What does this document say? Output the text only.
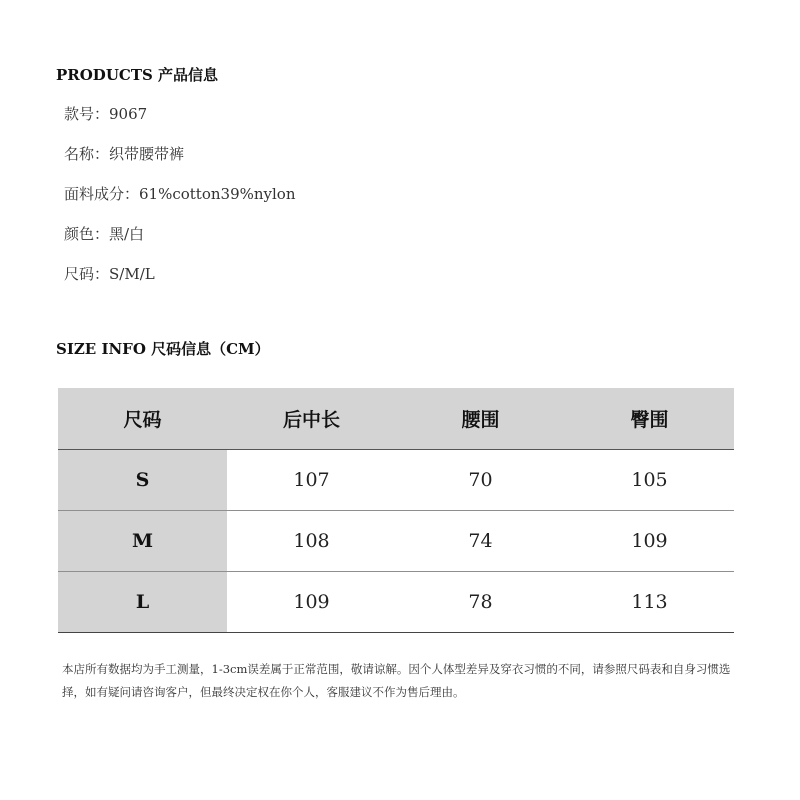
PRODUCTS 产品信息
款号：9067
名称：织带腰带裤
面料成分：61%cotton39%nylon
颜色：黑/白
尺码：S/M/L
SIZE INFO 尺码信息（CM）
尺码	后中长	腰围	臀围
S	107	70	105
M	108	74	109
L	109	78	113
本店所有数据均为手工测量，1-3cm误差属于正常范围，敬请谅解。因个人体型差异及穿衣习惯的不同，请参照尺码表和自身习惯选择，如有疑问请咨询客户，但最终决定权在你个人，客服建议不作为售后理由。
